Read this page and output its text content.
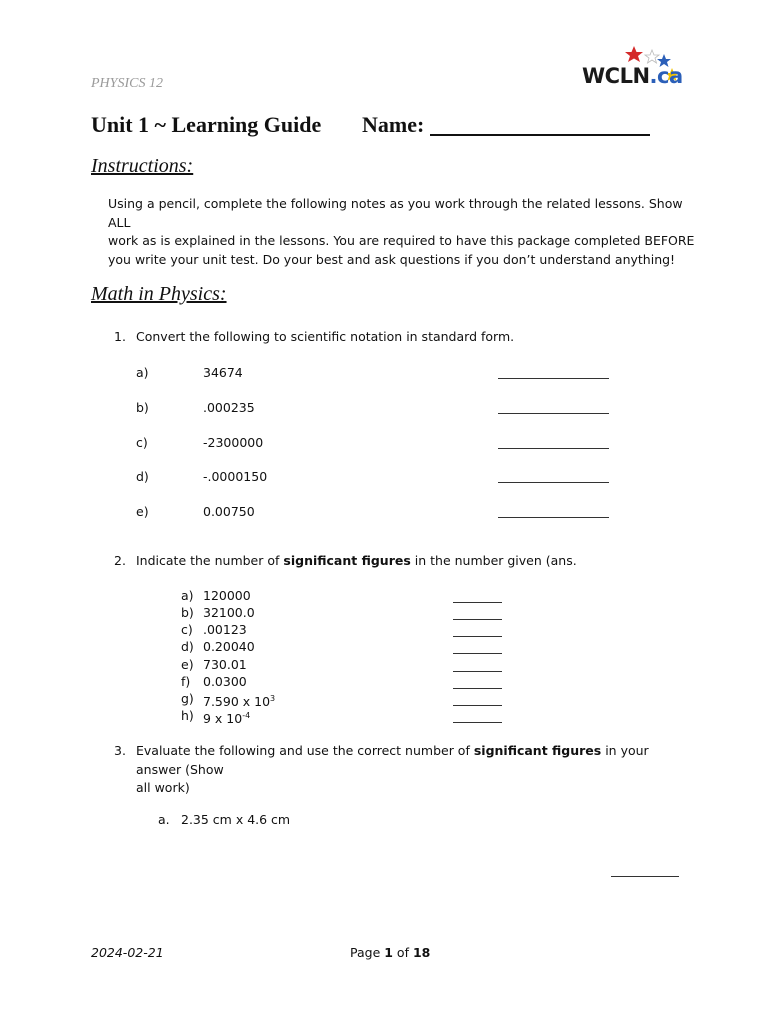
PHYSICS 12	WCLN.ca
Unit 1 ~ Learning Guide Name:
Instructions:
Using a pencil, complete the following notes as you work through the related lessons. Show ALL
work as is explained in the lessons. You are required to have this package completed BEFORE
you write your unit test. Do your best and ask questions if you don’t understand anything!
Math in Physics:
1. Convert the following to scientific notation in standard form.
a)	34674
b)	.000235
c)	-2300000
d)	-.0000150
e)	0.00750
2. Indicate the number of significant figures in the number given (ans.
a) 120000
b) 32100.0
c) .00123
d) 0.20040
e) 730.01
f) 0.0300
g) 7.590 x $10^3$
h) 9 x $10^{-4}$
3. Evaluate the following and use the correct number of significant figures in your answer (Show
all work)
a. 2.35 cm x 4.6 cm
2024-02-21	Page 1 of 18
